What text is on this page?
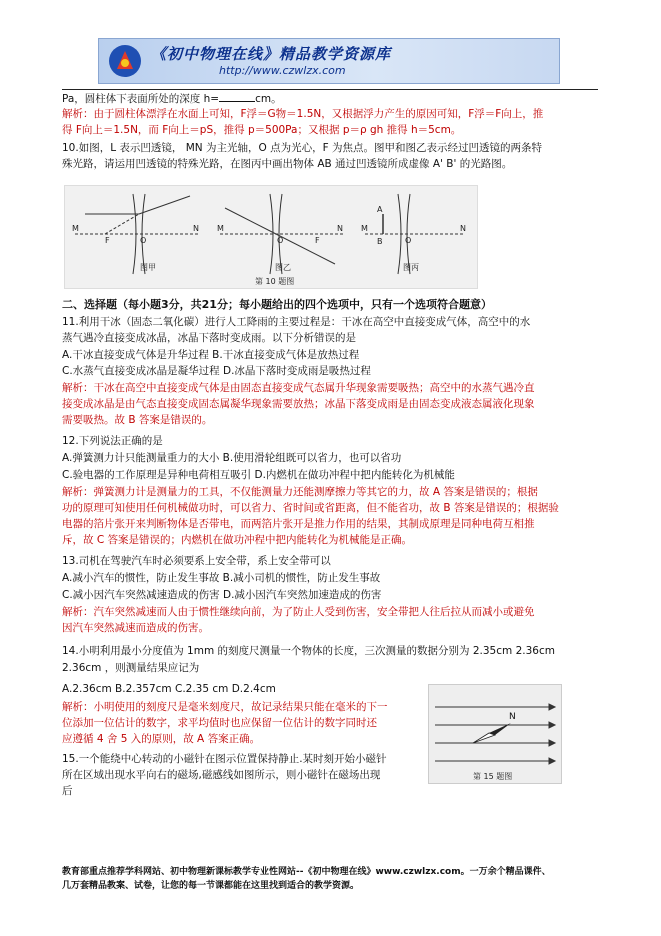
《初中物理在线》精品教学资源库
http://www.czwlzx.com

Pa，圆柱体下表面所处的深度 h=	cm。

解析：由于圆柱体漂浮在水面上可知，F浮＝G物＝1.5N，又根据浮力产生的原因可知，F浮＝F向上，推

得 F向上＝1.5N，而 F向上＝pS，推得 p＝500Pa；又根据 p＝ρ gh 推得 h＝5cm。

10.如图，L 表示凹透镜， MN 为主光轴，O 点为光心，F 为焦点。图甲和图乙表示经过凹透镜的两条特

殊光路，请运用凹透镜的特殊光路，在图丙中画出物体 AB 通过凹透镜所成虚像 A' B' 的光路图。

M	N
F	O
M	N
O	F
M	N
A
B	O
图甲	图乙	图丙
第 10 题图

二、选择题（每小题3分，共21分；每小题给出的四个选项中，只有一个选项符合题意）

11.利用干冰（固态二氧化碳）进行人工降雨的主要过程是：干冰在高空中直接变成气体，高空中的水

蒸气遇冷直接变成冰晶，冰晶下落时变成雨。以下分析错误的是

A.干冰直接变成气体是升华过程 B.干冰直接变成气体是放热过程

C.水蒸气直接变成冰晶是凝华过程 D.冰晶下落时变成雨是吸热过程

解析：干冰在高空中直接变成气体是由固态直接变成气态属升华现象需要吸热；高空中的水蒸气遇冷直

接变成冰晶是由气态直接变成固态属凝华现象需要放热；冰晶下落变成雨是由固态变成液态属液化现象

需要吸热。故 B 答案是错误的。

12.下列说法正确的是

A.弹簧测力计只能测量重力的大小 B.使用滑轮组既可以省力，也可以省功

C.验电器的工作原理是异种电荷相互吸引 D.内燃机在做功冲程中把内能转化为机械能

解析：弹簧测力计是测量力的工具，不仅能测量力还能测摩擦力等其它的力，故 A 答案是错误的；根据

功的原理可知使用任何机械做功时，可以省力、省时间或省距离，但不能省功，故 B 答案是错误的；根据验

电器的箔片张开来判断物体是否带电，而两箔片张开是推力作用的结果，其制成原理是同种电荷互相推

斥，故 C 答案是错误的；内燃机在做功冲程中把内能转化为机械能是正确。

13.司机在驾驶汽车时必须要系上安全带，系上安全带可以

A.减小汽车的惯性，防止发生事故 B.减小司机的惯性，防止发生事故

C.减小因汽车突然减速造成的伤害 D.减小因汽车突然加速造成的伤害

解析：汽车突然减速而人由于惯性继续向前，为了防止人受到伤害，安全带把人往后拉从而减小或避免

因汽车突然减速而造成的伤害。

14.小明利用最小分度值为 1mm 的刻度尺测量一个物体的长度，三次测量的数据分别为 2.35cm 2.36cm

2.36cm ，则测量结果应记为

A.2.36cm B.2.357cm C.2.35 cm D.2.4cm

解析：小明使用的刻度尺是毫米刻度尺，故记录结果只能在毫米的下一

位添加一位估计的数字，求平均值时也应保留一位估计的数字同时还

应遵循 4 舍 5 入的原则，故 A 答案正确。

N
第 15 题图

15.一个能绕中心转动的小磁针在图示位置保持静止.某时刻开始小磁针

所在区域出现水平向右的磁场,磁感线如图所示，则小磁针在磁场出现

后

教育部重点推荐学科网站、初中物理新课标教学专业性网站--《初中物理在线》www.czwlzx.com。一万余个精品课件、
几万套精品教案、试卷，让您的每一节课都能在这里找到适合的教学资源。
